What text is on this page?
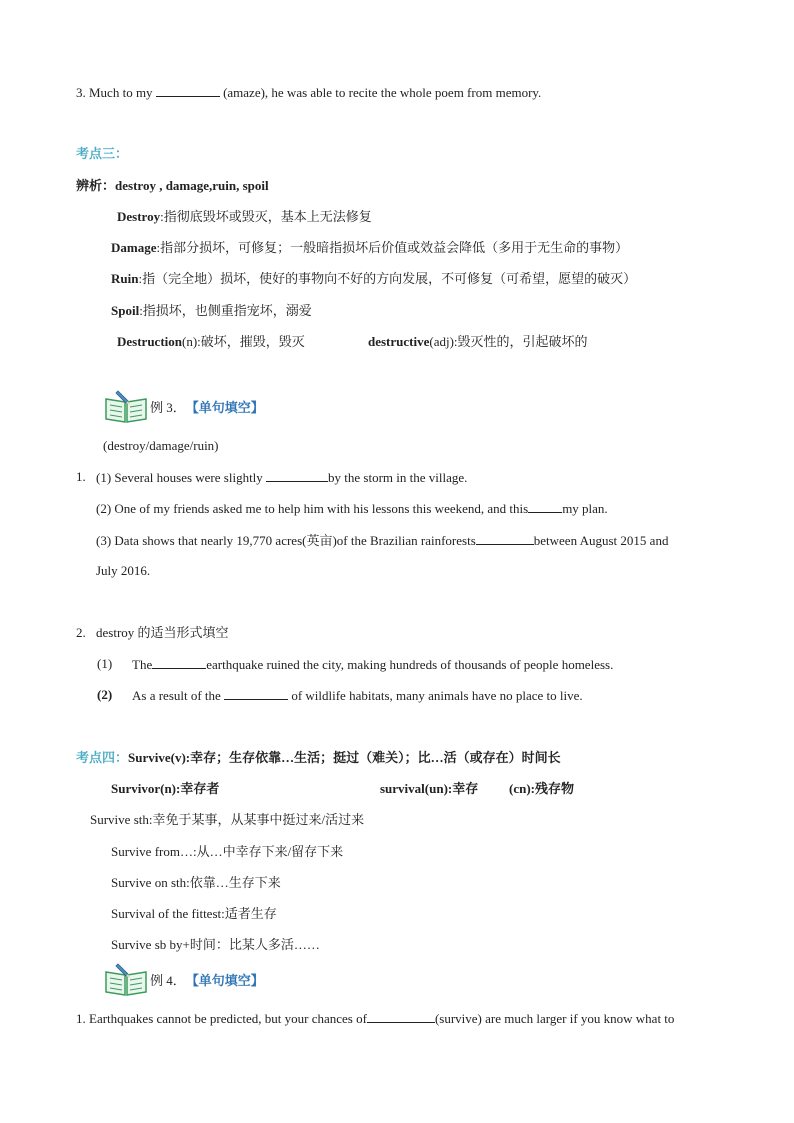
3. Much to my	(amaze), he was able to recite the whole poem from memory.
考点三：
辨析：destroy , damage,ruin, spoil
Destroy:指彻底毁坏或毁灭，基本上无法修复
Damage:指部分损坏，可修复；一般暗指损坏后价值或效益会降低（多用于无生命的事物）
Ruin:指（完全地）损坏，使好的事物向不好的方向发展，不可修复（可希望，愿望的破灭）
Spoil:指损坏，也侧重指宠坏，溺爱
Destruction(n):破坏，摧毁，毁灭	destructive(adj):毁灭性的，引起破坏的
例 3． 【单句填空】
(destroy/damage/ruin)
1. (1) Several houses were slightly	by the storm in the village.
(2) One of my friends asked me to help him with his lessons this weekend, and this	my plan.
(3) Data shows that nearly 19,770 acres(英亩)of the Brazilian rainforests	between August 2015 and
July 2016.
2. destroy 的适当形式填空
(1) The	earthquake ruined the city, making hundreds of thousands of people homeless.
(2) As a result of the	of wildlife habitats, many animals have no place to live.
考点四：Survive(v):幸存；生存依靠…生活；挺过（难关）；比…活（或存在）时间长
Survivor(n):幸存者	survival(un):幸存 (cn):残存物
Survive sth:幸免于某事，从某事中挺过来/活过来
Survive from…:从…中幸存下来/留存下来
Survive on sth:依靠…生存下来
Survival of the fittest:适者生存
Survive sb by+时间：比某人多活……
例 4． 【单句填空】
1. Earthquakes cannot be predicted, but your chances of	(survive) are much larger if you know what to
